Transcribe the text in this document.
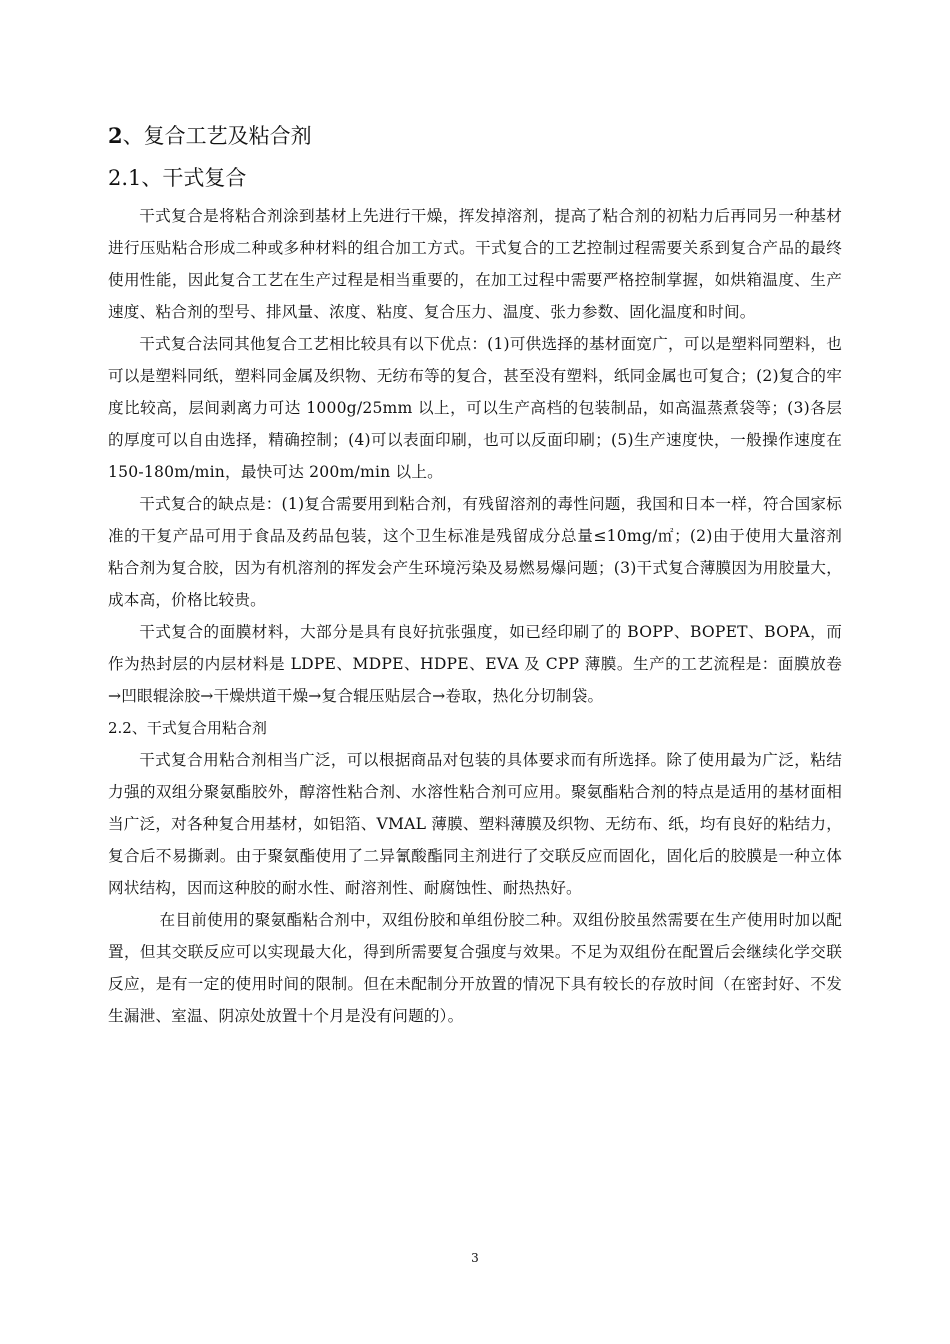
2、复合工艺及粘合剂
2.1、干式复合

干式复合是将粘合剂涂到基材上先进行干燥，挥发掉溶剂，提高了粘合剂的初粘力后再同另一种基材进行压贴粘合形成二种或多种材料的组合加工方式。干式复合的工艺控制过程需要关系到复合产品的最终使用性能，因此复合工艺在生产过程是相当重要的，在加工过程中需要严格控制掌握，如烘箱温度、生产速度、粘合剂的型号、排风量、浓度、粘度、复合压力、温度、张力参数、固化温度和时间。

干式复合法同其他复合工艺相比较具有以下优点：(1)可供选择的基材面宽广，可以是塑料同塑料，也可以是塑料同纸，塑料同金属及织物、无纺布等的复合，甚至没有塑料，纸同金属也可复合；(2)复合的牢度比较高，层间剥离力可达 1000g/25mm 以上，可以生产高档的包装制品，如高温蒸煮袋等；(3)各层的厚度可以自由选择，精确控制；(4)可以表面印刷，也可以反面印刷；(5)生产速度快，一般操作速度在 150-180m/min，最快可达 200m/min 以上。

干式复合的缺点是：(1)复合需要用到粘合剂，有残留溶剂的毒性问题，我国和日本一样，符合国家标准的干复产品可用于食品及药品包装，这个卫生标准是残留成分总量≤10mg/㎡；(2)由于使用大量溶剂粘合剂为复合胶，因为有机溶剂的挥发会产生环境污染及易燃易爆问题；(3)干式复合薄膜因为用胶量大，成本高，价格比较贵。

干式复合的面膜材料，大部分是具有良好抗张强度，如已经印刷了的 BOPP、BOPET、BOPA，而作为热封层的内层材料是 LDPE、MDPE、HDPE、EVA 及 CPP 薄膜。生产的工艺流程是：面膜放卷→凹眼辊涂胶→干燥烘道干燥→复合辊压贴层合→卷取，热化分切制袋。

2.2、干式复合用粘合剂

干式复合用粘合剂相当广泛，可以根据商品对包装的具体要求而有所选择。除了使用最为广泛，粘结力强的双组分聚氨酯胶外，醇溶性粘合剂、水溶性粘合剂可应用。聚氨酯粘合剂的特点是适用的基材面相当广泛，对各种复合用基材，如铝箔、VMAL 薄膜、塑料薄膜及织物、无纺布、纸，均有良好的粘结力，复合后不易撕剥。由于聚氨酯使用了二异氰酸酯同主剂进行了交联反应而固化，固化后的胶膜是一种立体网状结构，因而这种胶的耐水性、耐溶剂性、耐腐蚀性、耐热热好。

在目前使用的聚氨酯粘合剂中，双组份胶和单组份胶二种。双组份胶虽然需要在生产使用时加以配置，但其交联反应可以实现最大化，得到所需要复合强度与效果。不足为双组份在配置后会继续化学交联反应，是有一定的使用时间的限制。但在未配制分开放置的情况下具有较长的存放时间（在密封好、不发生漏泄、室温、阴凉处放置十个月是没有问题的）。

3
